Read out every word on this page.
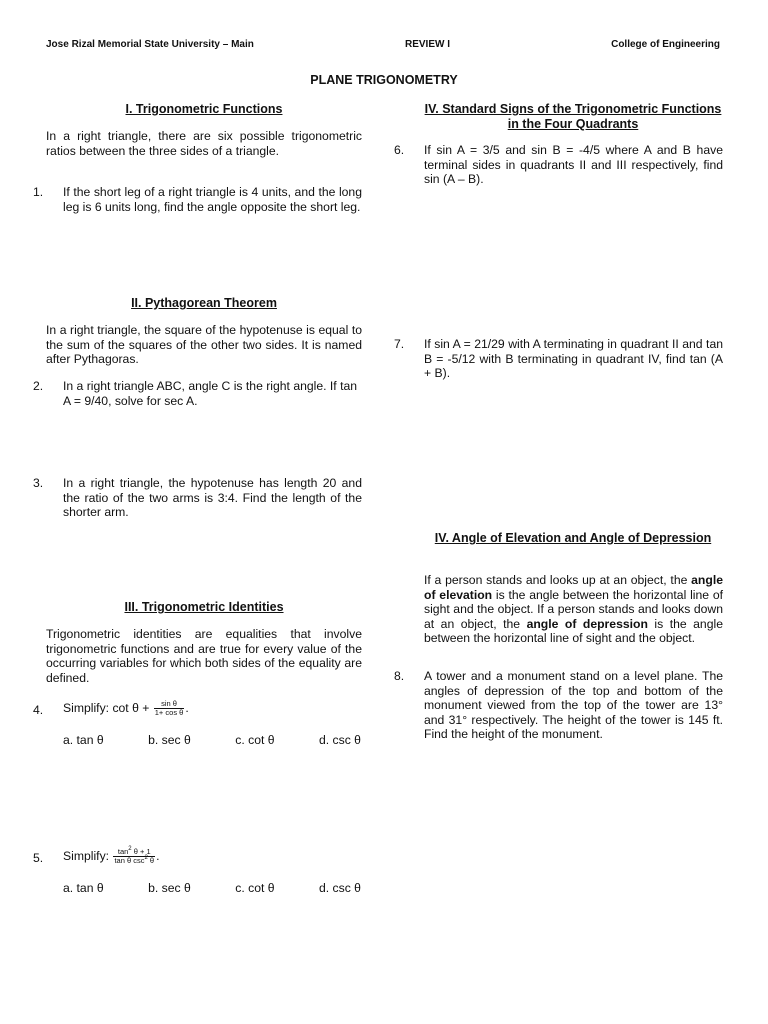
Jose Rizal Memorial State University – Main	REVIEW I	College of Engineering
PLANE TRIGONOMETRY
I. Trigonometric Functions
In a right triangle, there are six possible trigonometric ratios between the three sides of a triangle.
1.	If the short leg of a right triangle is 4 units, and the long leg is 6 units long, find the angle opposite the short leg.
II. Pythagorean Theorem
In a right triangle, the square of the hypotenuse is equal to the sum of the squares of the other two sides. It is named after Pythagoras.
2.	In a right triangle ABC, angle C is the right angle. If tan A = 9/40, solve for sec A.
3.	In a right triangle, the hypotenuse has length 20 and the ratio of the two arms is 3:4. Find the length of the shorter arm.
III. Trigonometric Identities
Trigonometric identities are equalities that involve trigonometric functions and are true for every value of the occurring variables for which both sides of the equality are defined.
4.	Simplify: $\cot \theta + \frac{\text{sin θ}}{\text{1+ cos θ}}$ .
a. tan θ	b. sec θ	c. cot θ	d. csc θ
5.	Simplify: $\frac{\tan^2 \theta + 1}{\tan \theta \csc^2 \theta}$ .
a. tan θ	b. sec θ	c. cot θ	d. csc θ
IV. Standard Signs of the Trigonometric Functions in the Four Quadrants
6.	If sin A = 3/5 and sin B = -4/5 where A and B have terminal sides in quadrants II and III respectively, find sin (A – B).
7.	If sin A = 21/29 with A terminating in quadrant II and tan B = -5/12 with B terminating in quadrant IV, find tan (A + B).
IV. Angle of Elevation and Angle of Depression
If a person stands and looks up at an object, the angle of elevation is the angle between the horizontal line of sight and the object. If a person stands and looks down at an object, the angle of depression is the angle between the horizontal line of sight and the object.
8.	A tower and a monument stand on a level plane. The angles of depression of the top and bottom of the monument viewed from the top of the tower are 13° and 31° respectively. The height of the tower is 145 ft. Find the height of the monument.
